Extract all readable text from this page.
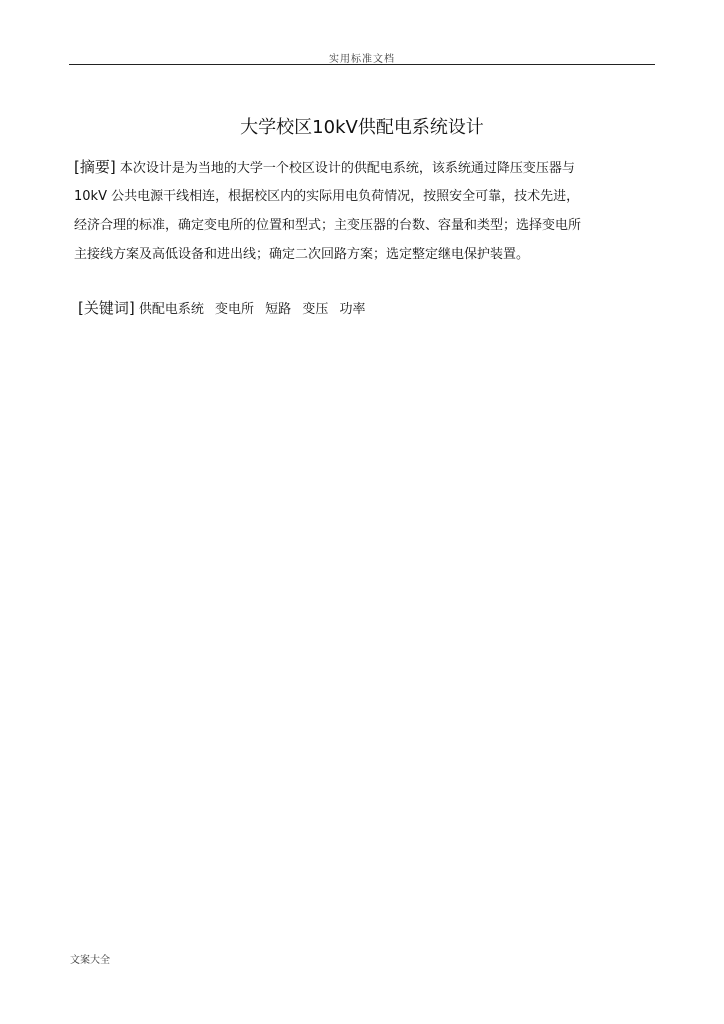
实用标准文档
大学校区10kV供配电系统设计
[摘要] 本次设计是为当地的大学一个校区设计的供配电系统，该系统通过降压变压器与
10kV 公共电源干线相连，根据校区内的实际用电负荷情况，按照安全可靠，技术先进，
经济合理的标准，确定变电所的位置和型式；主变压器的台数、容量和类型；选择变电所
主接线方案及高低设备和进出线；确定二次回路方案；选定整定继电保护装置。
[关键词] 供配电系统 变电所 短路 变压 功率
文案大全
